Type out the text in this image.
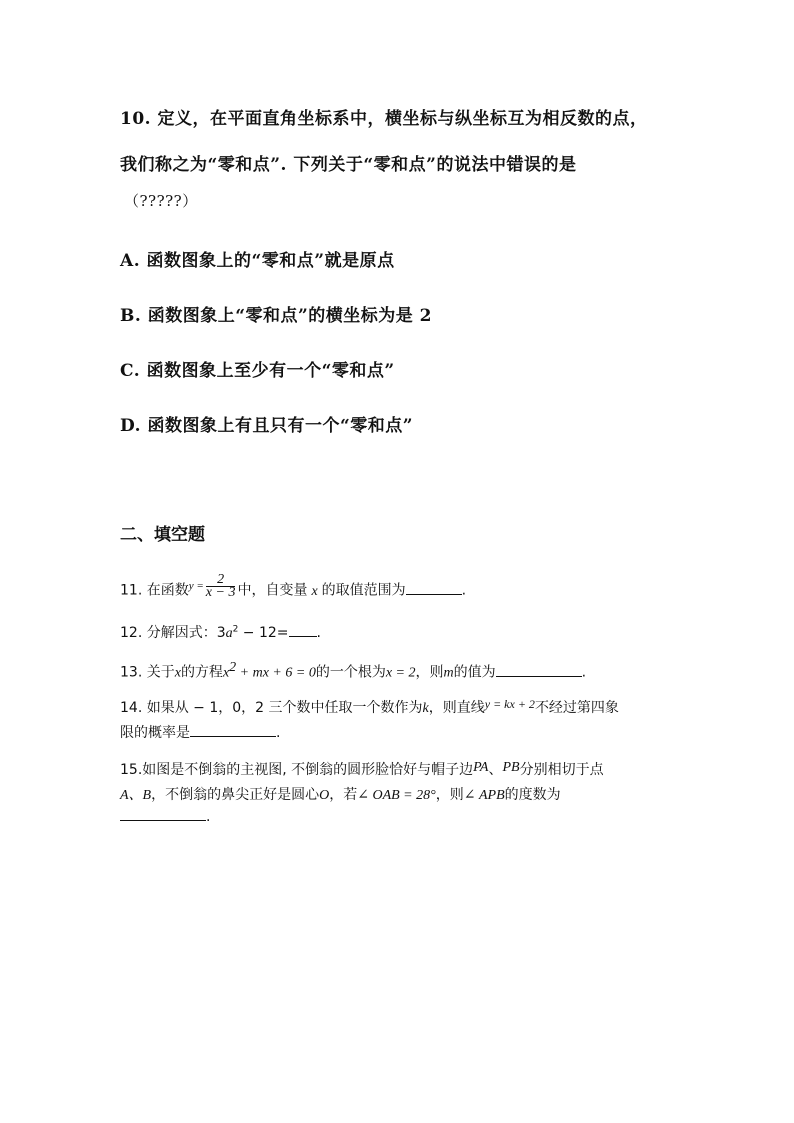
10. 定义，在平面直角坐标系中，横坐标与纵坐标互为相反数的点，
我们称之为“零和点”. 下列关于“零和点”的说法中错误的是
（?????）
A. 函数图象上的“零和点”就是原点
B. 函数图象上“零和点”的横坐标为是 2
C. 函数图象上至少有一个“零和点”
D. 函数图象上有且只有一个“零和点”
二、填空题
11. 在函数$^{y =} \frac{2}{x - 3}$ 中，自变量 x 的取值范围为	.
12. 分解因式：$3a^2 - 12=$ .
13. 关于x的方程$x^2$ + mx + 6 = 0的一个根为x = 2，则m的值为	.
14. 如果从 − 1，0，2 三个数中任取一个数作为k，则直线y = kx + 2不经过第四象
限的概率是	.
15.如图是不倒翁的主视图, 不倒翁的圆形脸恰好与帽子边PA、PB分别相切于点
A、B，不倒翁的鼻尖正好是圆心O，若∠ OAB = 28°，则∠ APB的度数为
.
